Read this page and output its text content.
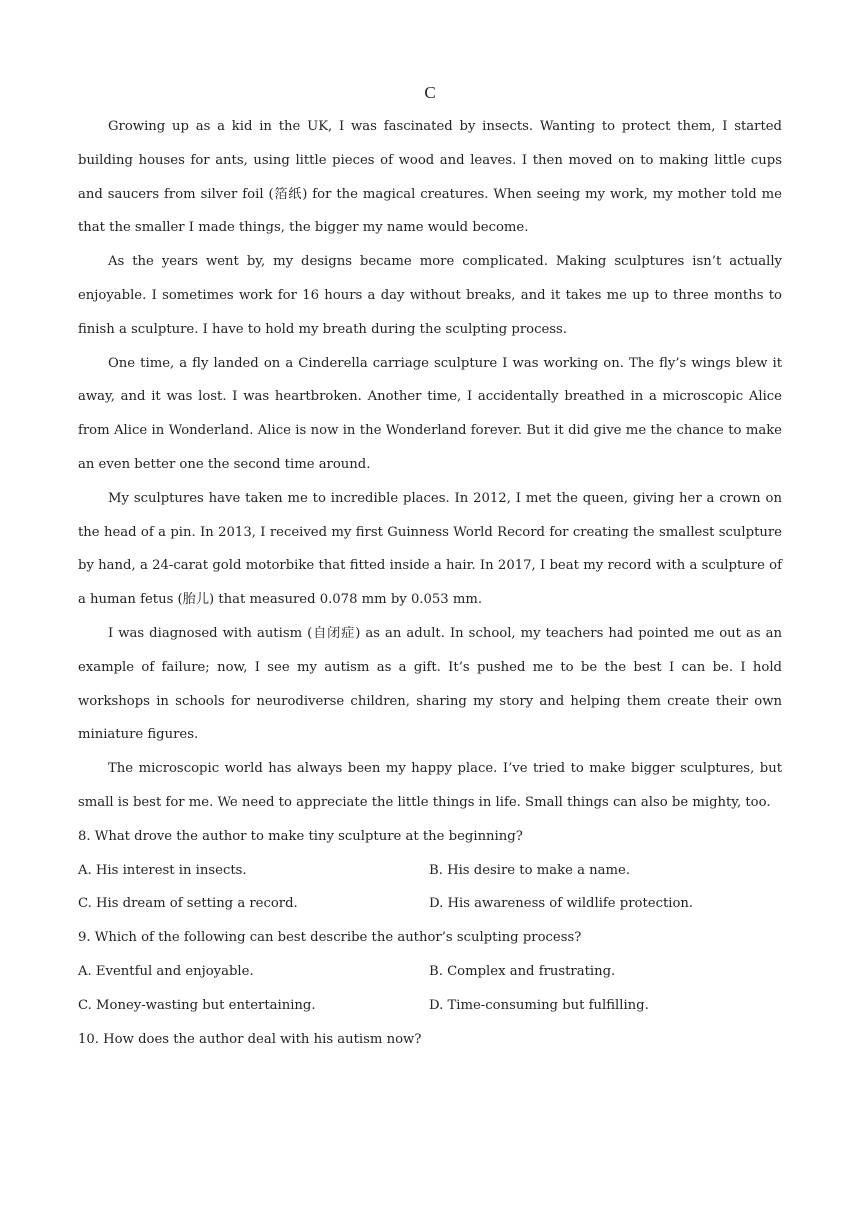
C

Growing up as a kid in the UK, I was fascinated by insects. Wanting to protect them, I started building houses for ants, using little pieces of wood and leaves. I then moved on to making little cups and saucers from silver foil (箔纸) for the magical creatures. When seeing my work, my mother told me that the smaller I made things, the bigger my name would become.

As the years went by, my designs became more complicated. Making sculptures isn’t actually enjoyable. I sometimes work for 16 hours a day without breaks, and it takes me up to three months to finish a sculpture. I have to hold my breath during the sculpting process.

One time, a fly landed on a Cinderella carriage sculpture I was working on. The fly’s wings blew it away, and it was lost. I was heartbroken. Another time, I accidentally breathed in a microscopic Alice from Alice in Wonderland. Alice is now in the Wonderland forever. But it did give me the chance to make an even better one the second time around.

My sculptures have taken me to incredible places. In 2012, I met the queen, giving her a crown on the head of a pin. In 2013, I received my first Guinness World Record for creating the smallest sculpture by hand, a 24-carat gold motorbike that fitted inside a hair. In 2017, I beat my record with a sculpture of a human fetus (胎儿) that measured 0.078 mm by 0.053 mm.

I was diagnosed with autism (自闭症) as an adult. In school, my teachers had pointed me out as an example of failure; now, I see my autism as a gift. It’s pushed me to be the best I can be. I hold workshops in schools for neurodiverse children, sharing my story and helping them create their own miniature figures.

The microscopic world has always been my happy place. I’ve tried to make bigger sculptures, but small is best for me. We need to appreciate the little things in life. Small things can also be mighty, too.

8. What drove the author to make tiny sculpture at the beginning?

A. His interest in insects.	B. His desire to make a name.
C. His dream of setting a record.	D. His awareness of wildlife protection.

9. Which of the following can best describe the author’s sculpting process?

A. Eventful and enjoyable.	B. Complex and frustrating.
C. Money-wasting but entertaining.	D. Time-consuming but fulfilling.

10. How does the author deal with his autism now?
